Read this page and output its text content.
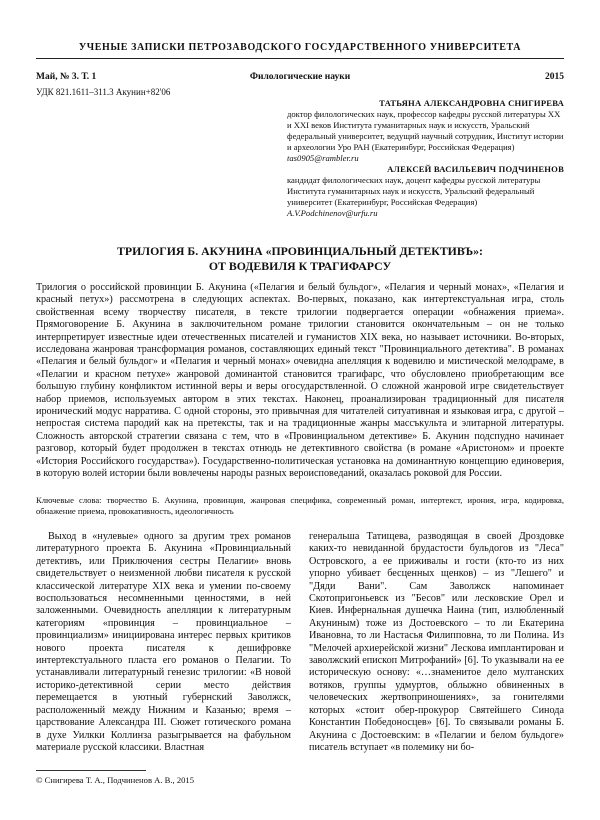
УЧЕНЫЕ ЗАПИСКИ ПЕТРОЗАВОДСКОГО ГОСУДАРСТВЕННОГО УНИВЕРСИТЕТА
Май, № 3. Т. 1	Филологические науки	2015
УДК 821.1611–311.3 Акунин+82'06
ТАТЬЯНА АЛЕКСАНДРОВНА СНИГИРЕВА
доктор филологических наук, профессор кафедры русской литературы XX и XXI веков Института гуманитарных наук и искусств, Уральский федеральный университет, ведущий научный сотрудник, Институт истории и археологии Уро РАН (Екатеринбург, Российская Федерация)
tas0905@rambler.ru
АЛЕКСЕЙ ВАСИЛЬЕВИЧ ПОДЧИНЕНОВ
кандидат филологических наук, доцент кафедры русской литературы Института гуманитарных наук и искусств, Уральский федеральный университет (Екатеринбург, Российская Федерация)
A.V.Podchinenov@urfu.ru
ТРИЛОГИЯ Б. АКУНИНА «ПРОВИНЦИАЛЬНЫЙ ДЕТЕКТИВЪ»:
ОТ ВОДЕВИЛЯ К ТРАГИФАРСУ

Трилогия о российской провинции Б. Акунина («Пелагия и белый бульдог», «Пелагия и черный монах», «Пелагия и красный петух») рассмотрена в следующих аспектах. Во-первых, показано, как интертекстуальная игра, столь свойственная всему творчеству писателя, в тексте трилогии подвергается операции «обнажения приема». Прямоговорение Б. Акунина в заключительном романе трилогии становится окончательным – он не только интерпретирует известные идеи отечественных писателей и гуманистов XIX века, но называет источники. Во-вторых, исследована жанровая трансформация романов, составляющих единый текст "Провинциального детектива". В романах «Пелагия и белый бульдог» и «Пелагия и черный монах» очевидна апелляция к водевилю и мистической мелодраме, в «Пелагии и красном петухе» жанровой доминантой становится трагифарс, что обусловлено приобретающим все большую глубину конфликтом истинной веры и веры огосударствленной. О сложной жанровой игре свидетельствует набор приемов, используемых автором в этих текстах. Наконец, проанализирован традиционный для писателя иронический модус нарратива. С одной стороны, это привычная для читателей ситуативная и языковая игра, с другой – непростая система пародий как на претексты, так и на традиционные жанры массъкульта и элитарной литературы. Сложность авторской стратегии связана с тем, что в «Провинциальном детективе» Б. Акунин подспудно начинает разговор, который будет продолжен в текстах отнюдь не детективного свойства (в романе «Аристоном» и проекте «История Российского государства»). Государственно-политическая установка на доминантную концепцию единоверия, в которую волей истории были вовлечены народы разных вероисповеданий, оказалась роковой для России.

Ключевые слова: творчество Б. Акунина, провинция, жанровая специфика, современный роман, интертекст, ирония, игра, кодировка, обнажение приема, провокативность, идеологичность

Выход в «нулевые» одного за другим трех романов литературного проекта Б. Акунина «Провинциальный детективъ, или Приключения сестры Пелагии» вновь свидетельствует о неизменной любви писателя к русской классической литературе XIX века и умении по-своему воспользоваться несомненными ценностями, в ней заложенными. Очевидность апелляции к литературным категориям «провинция – провинциальное – провинциализм» инициирована интерес первых критиков нового проекта писателя к дешифровке интертекстуального пласта его романов о Пелагии. То устанавливали литературный генезис трилогии: «В новой историко-детективной серии место действия перемещается в уютный губернский Заволжск, расположенный между Нижним и Казанью; время – царствование Александра III. Сюжет готического романа в духе Уилкки Коллинза разыгрывается на фабульном материале русской классики. Властная

генеральша Татищева, разводящая в своей Дроздовке каких-то невиданной брудастости бульдогов из "Леса" Островского, а ее приживалы и гости (кто-то из них упорно убивает бесценных щенков) – из "Лешего" и "Дяди Вани". Сам Заволжск напоминает Скотопригоньевск из "Бесов" или лесковские Орел и Киев. Инфернальная душечка Наина (тип, излюбленный Акуниным) тоже из Достоевского – то ли Екатерина Ивановна, то ли Настасья Филипповна, то ли Полина. Из "Мелочей архиерейской жизни" Лескова имплантирован и заволжский епископ Митрофаний» [6]. То указывали на ее историческую основу: «…знаменитое дело мултанских вотяков, группы удмуртов, облыжно обвиненных в человеческих жертвоприношениях», за гонителями которых «стоит обер-прокурор Святейшего Синода Константин Победоносцев» [6]. То связывали романы Б. Акунина с Достоевским: в «Пелагии и белом бульдоге» писатель вступает «в полемику ни бо-

© Снигирева Т. А., Подчиненов А. В., 2015
